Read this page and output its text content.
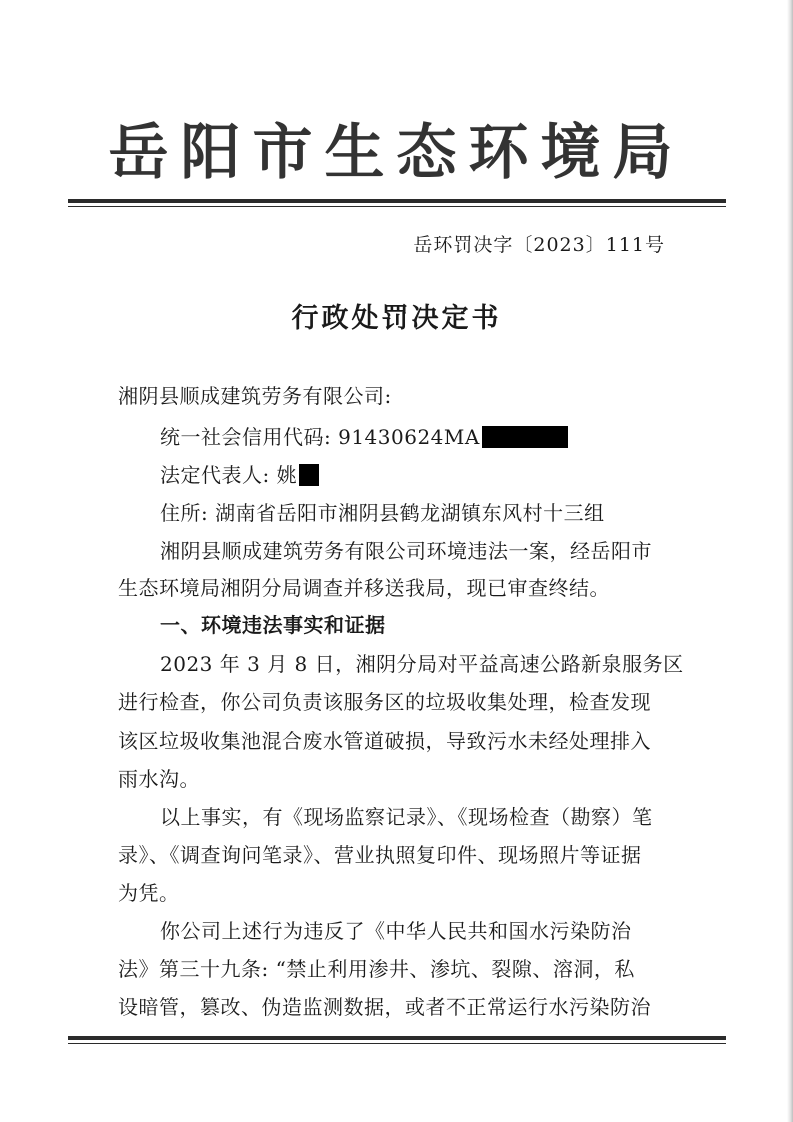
岳阳市生态环境局
岳环罚决字〔2023〕111号
行政处罚决定书
湘阴县顺成建筑劳务有限公司:
统一社会信用代码: 91430624MA
法定代表人: 姚
住所: 湖南省岳阳市湘阴县鹤龙湖镇东风村十三组
湘阴县顺成建筑劳务有限公司环境违法一案，经岳阳市
生态环境局湘阴分局调查并移送我局，现已审查终结。
一、环境违法事实和证据
2023 年 3 月 8 日，湘阴分局对平益高速公路新泉服务区
进行检查，你公司负责该服务区的垃圾收集处理，检查发现
该区垃圾收集池混合废水管道破损，导致污水未经处理排入
雨水沟。
以上事实，有《现场监察记录》、《现场检查（勘察）笔
录》、《调查询问笔录》、营业执照复印件、现场照片等证据
为凭。
你公司上述行为违反了《中华人民共和国水污染防治
法》第三十九条: “禁止利用渗井、渗坑、裂隙、溶洞，私
设暗管，篡改、伪造监测数据，或者不正常运行水污染防治
